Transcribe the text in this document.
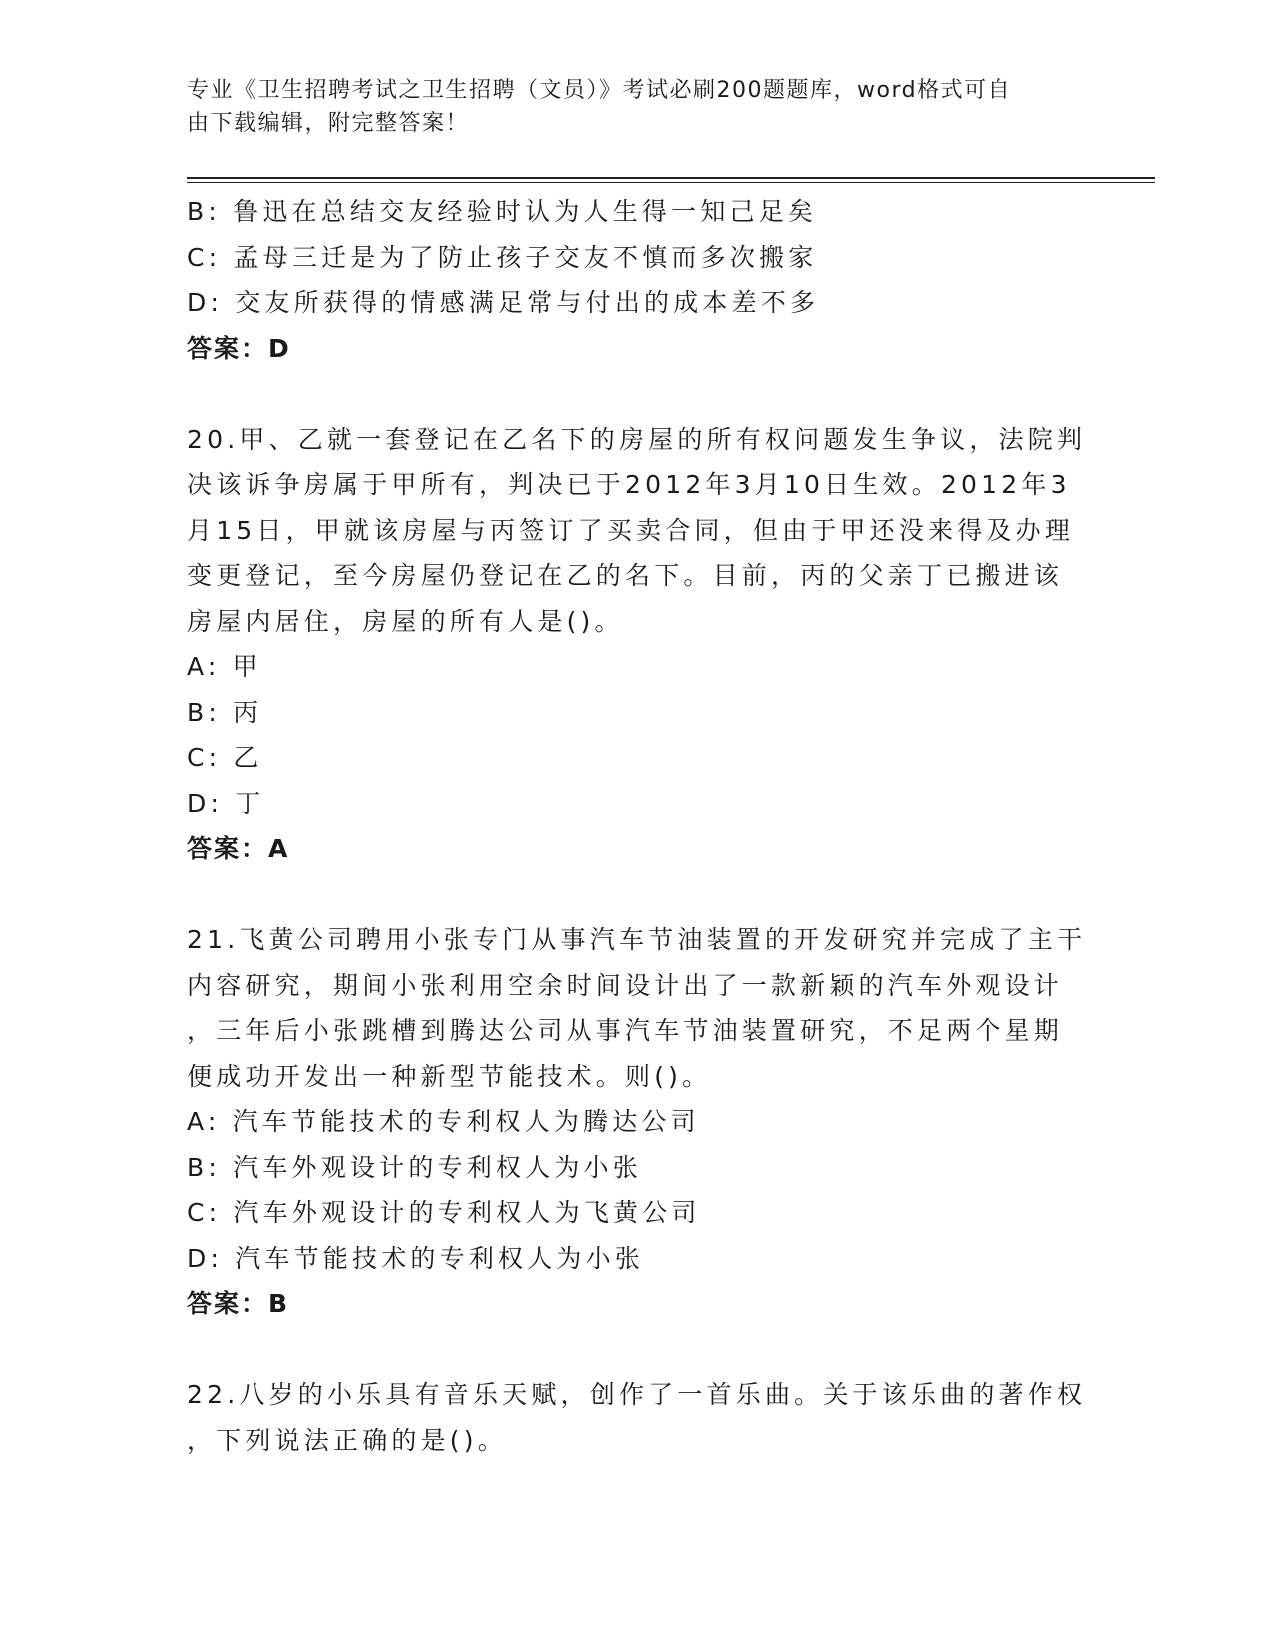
专业《卫生招聘考试之卫生招聘（文员）》考试必刷200题题库，word格式可自
由下载编辑，附完整答案！
B: 鲁迅在总结交友经验时认为人生得一知己足矣
C: 孟母三迁是为了防止孩子交友不慎而多次搬家
D: 交友所获得的情感满足常与付出的成本差不多
答案：D
20.甲、乙就一套登记在乙名下的房屋的所有权问题发生争议，法院判
决该诉争房属于甲所有，判决已于2012年3月10日生效。2012年3
月15日，甲就该房屋与丙签订了买卖合同，但由于甲还没来得及办理
变更登记，至今房屋仍登记在乙的名下。目前，丙的父亲丁已搬进该
房屋内居住，房屋的所有人是()。
A: 甲
B: 丙
C: 乙
D: 丁
答案：A
21.飞黄公司聘用小张专门从事汽车节油装置的开发研究并完成了主干
内容研究，期间小张利用空余时间设计出了一款新颖的汽车外观设计
，三年后小张跳槽到腾达公司从事汽车节油装置研究，不足两个星期
便成功开发出一种新型节能技术。则()。
A: 汽车节能技术的专利权人为腾达公司
B: 汽车外观设计的专利权人为小张
C: 汽车外观设计的专利权人为飞黄公司
D: 汽车节能技术的专利权人为小张
答案：B
22.八岁的小乐具有音乐天赋，创作了一首乐曲。关于该乐曲的著作权
，下列说法正确的是()。
